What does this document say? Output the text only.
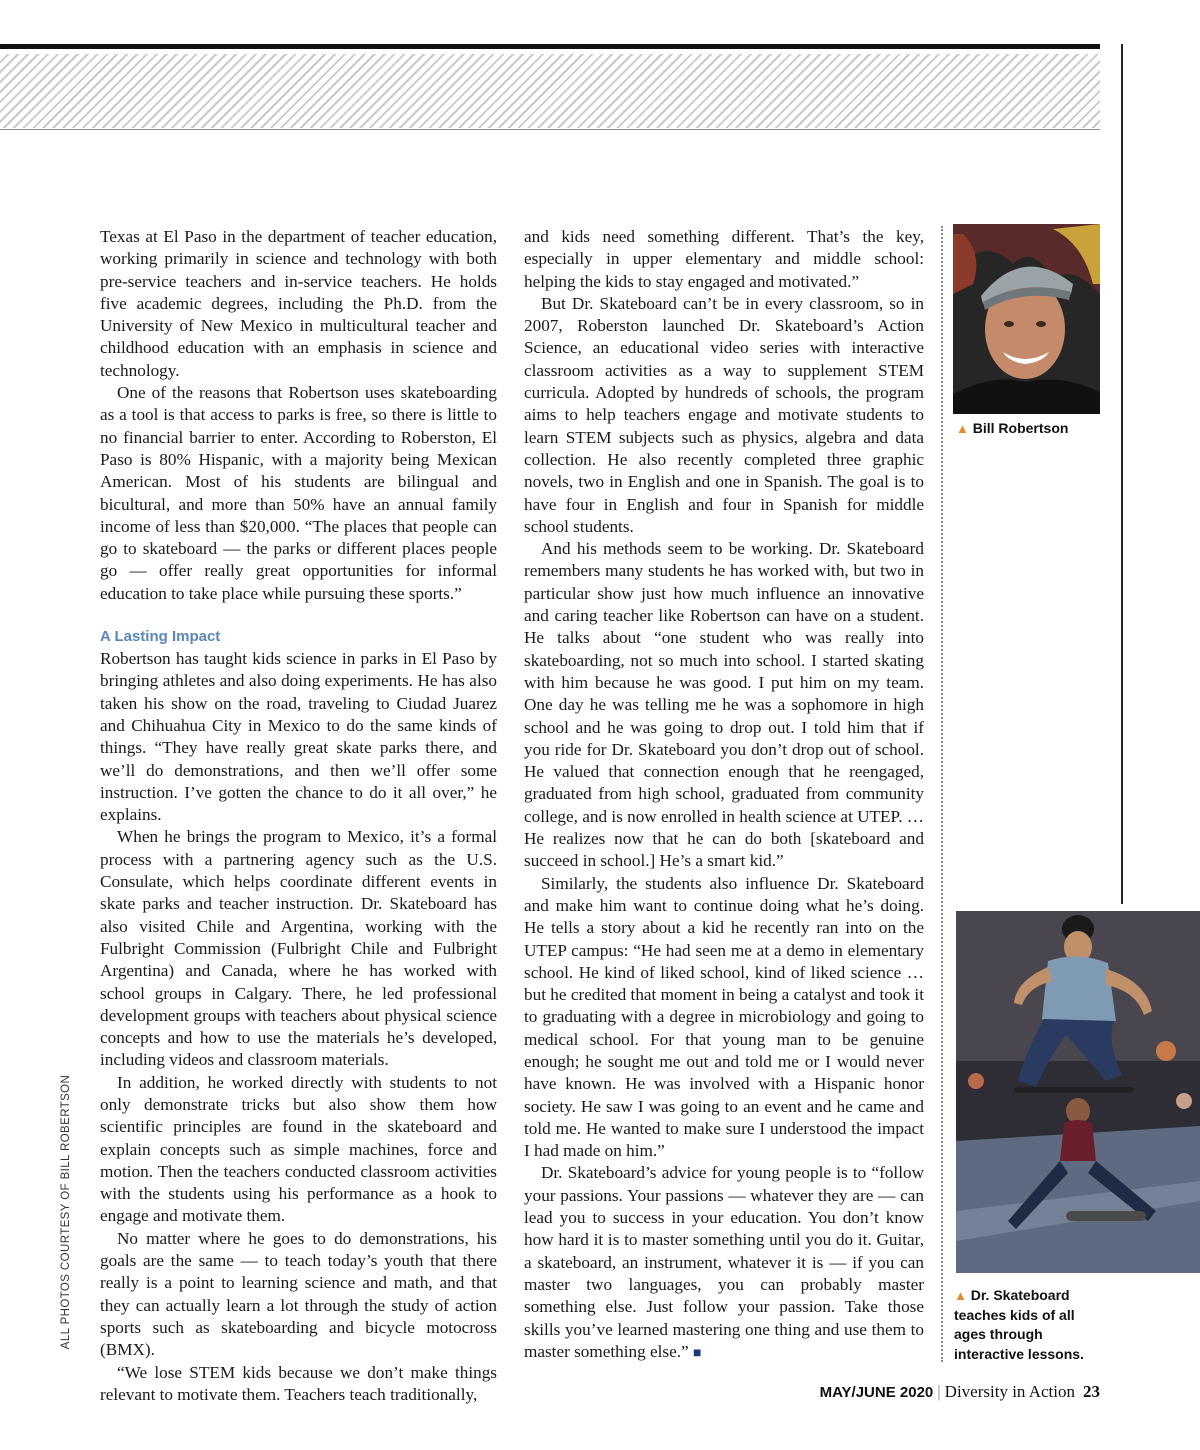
Texas at El Paso in the department of teacher education, working primarily in science and technology with both pre-service teachers and in-service teachers. He holds five academic degrees, including the Ph.D. from the University of New Mexico in multicultural teacher and childhood education with an emphasis in science and technology.

One of the reasons that Robertson uses skateboarding as a tool is that access to parks is free, so there is little to no financial barrier to enter. According to Roberston, El Paso is 80% Hispanic, with a majority being Mexican American. Most of his students are bilingual and bicultural, and more than 50% have an annual family income of less than $20,000. “The places that people can go to skateboard — the parks or different places people go — offer really great opportunities for informal education to take place while pursuing these sports.”

A Lasting Impact

Robertson has taught kids science in parks in El Paso by bringing athletes and also doing experiments. He has also taken his show on the road, traveling to Ciudad Juarez and Chihuahua City in Mexico to do the same kinds of things. “They have really great skate parks there, and we’ll do demonstrations, and then we’ll offer some instruction. I’ve gotten the chance to do it all over,” he explains.

When he brings the program to Mexico, it’s a formal process with a partnering agency such as the U.S. Consulate, which helps coordinate different events in skate parks and teacher instruction. Dr. Skateboard has also visited Chile and Argentina, working with the Fulbright Commission (Fulbright Chile and Fulbright Argentina) and Canada, where he has worked with school groups in Calgary. There, he led professional development groups with teachers about physical science concepts and how to use the materials he’s developed, including videos and classroom materials.

In addition, he worked directly with students to not only demonstrate tricks but also show them how scientific principles are found in the skateboard and explain concepts such as simple machines, force and motion. Then the teachers conducted classroom activities with the students using his performance as a hook to engage and motivate them.

No matter where he goes to do demonstrations, his goals are the same — to teach today’s youth that there really is a point to learning science and math, and that they can actually learn a lot through the study of action sports such as skateboarding and bicycle motocross (BMX).

“We lose STEM kids because we don’t make things relevant to motivate them. Teachers teach traditionally,

and kids need something different. That’s the key, especially in upper elementary and middle school: helping the kids to stay engaged and motivated.”

But Dr. Skateboard can’t be in every classroom, so in 2007, Roberston launched Dr. Skateboard’s Action Science, an educational video series with interactive classroom activities as a way to supplement STEM curricula. Adopted by hundreds of schools, the program aims to help teachers engage and motivate students to learn STEM subjects such as physics, algebra and data collection. He also recently completed three graphic novels, two in English and one in Spanish. The goal is to have four in English and four in Spanish for middle school students.

And his methods seem to be working. Dr. Skateboard remembers many students he has worked with, but two in particular show just how much influence an innovative and caring teacher like Robertson can have on a student. He talks about “one student who was really into skateboarding, not so much into school. I started skating with him because he was good. I put him on my team. One day he was telling me he was a sophomore in high school and he was going to drop out. I told him that if you ride for Dr. Skateboard you don’t drop out of school. He valued that connection enough that he reengaged, graduated from high school, graduated from community college, and is now enrolled in health science at UTEP. … He realizes now that he can do both [skateboard and succeed in school.] He’s a smart kid.”

Similarly, the students also influence Dr. Skateboard and make him want to continue doing what he’s doing. He tells a story about a kid he recently ran into on the UTEP campus: “He had seen me at a demo in elementary school. He kind of liked school, kind of liked science … but he credited that moment in being a catalyst and took it to graduating with a degree in microbiology and going to medical school. For that young man to be genuine enough; he sought me out and told me or I would never have known. He was involved with a Hispanic honor society. He saw I was going to an event and he came and told me. He wanted to make sure I understood the impact I had made on him.”

Dr. Skateboard’s advice for young people is to “follow your passions. Your passions — whatever they are — can lead you to success in your education. You don’t know how hard it is to master something until you do it. Guitar, a skateboard, an instrument, whatever it is — if you can master two languages, you can probably master something else. Just follow your passion. Take those skills you’ve learned mastering one thing and use them to master something else.” ■

▲ Bill Robertson
▲ Dr. Skateboard teaches kids of all ages through interactive lessons.
ALL PHOTOS COURTESY OF BILL ROBERTSON
MAY/JUNE 2020 | Diversity in Action 23
